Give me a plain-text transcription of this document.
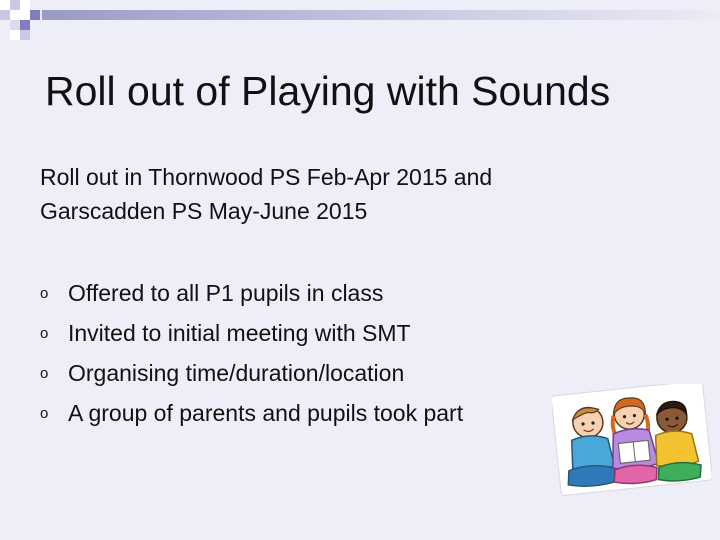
Roll out of Playing with Sounds
Roll out in Thornwood PS Feb-Apr 2015 and
Garscadden PS May-June 2015
o Offered to all P1 pupils in class
o Invited to initial meeting with SMT
o Organising time/duration/location
o A group of parents and pupils took part
